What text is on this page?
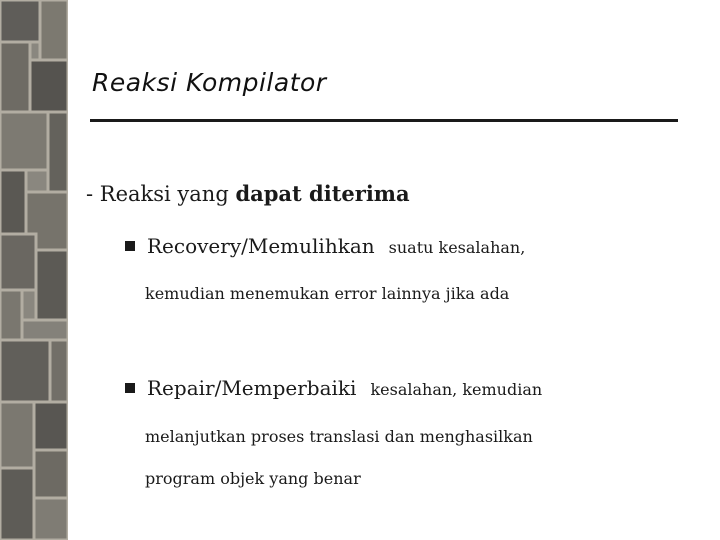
Reaksi Kompilator
- Reaksi yang dapat diterima
Recovery/Memulihkan suatu kesalahan,
kemudian menemukan error lainnya jika ada
Repair/Memperbaiki kesalahan, kemudian
melanjutkan proses translasi dan menghasilkan
program objek yang benar
